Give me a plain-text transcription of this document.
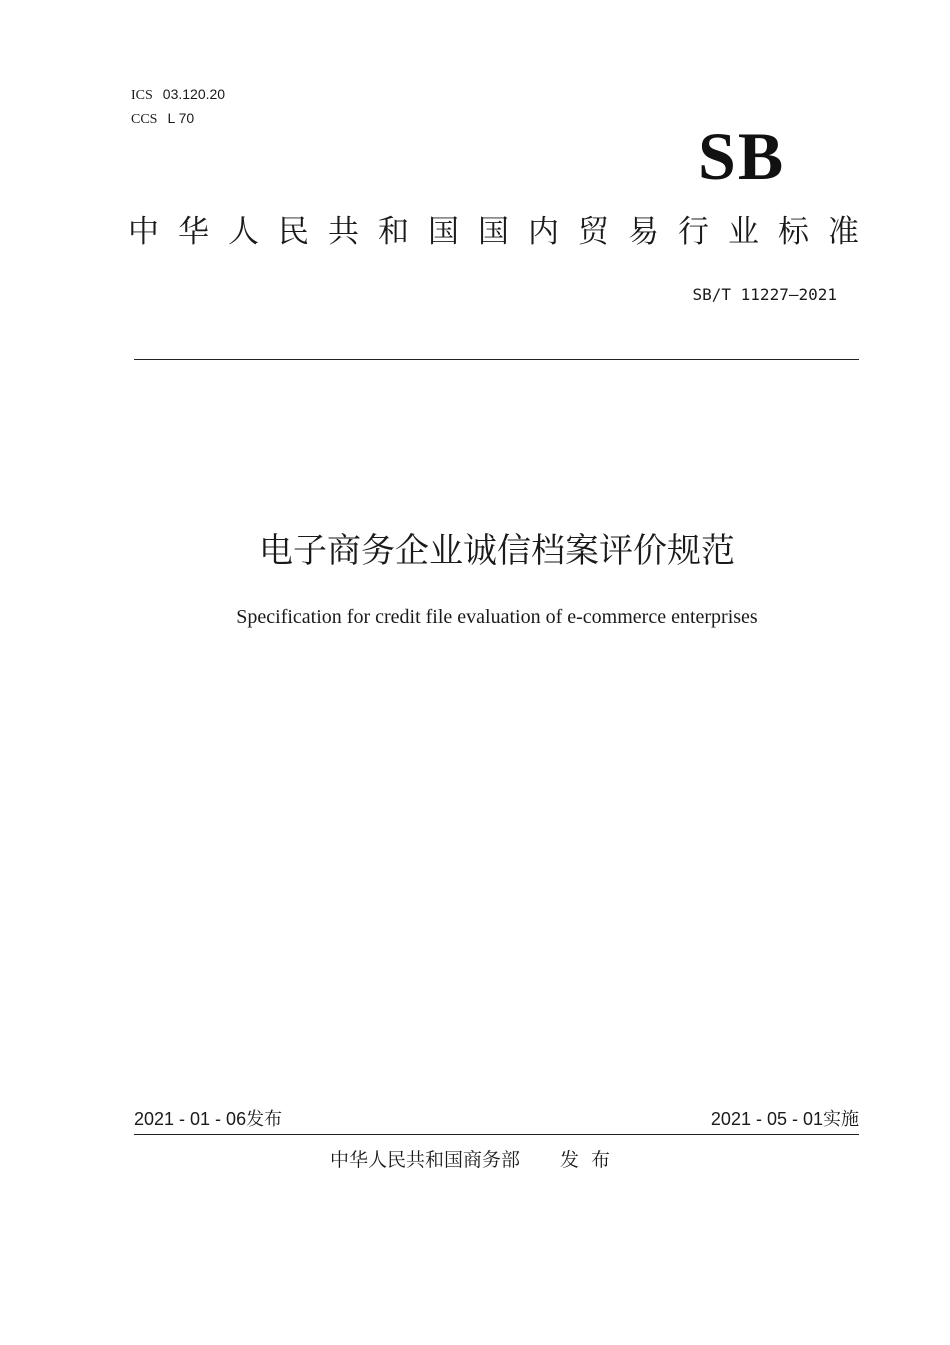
ICS 03.120.20
CCS L 70	SB
中 华 人 民 共 和 国 国 内 贸 易 行 业 标 准
SB/T 11227—2021
电子商务企业诚信档案评价规范
Specification for credit file evaluation of e-commerce enterprises
2021 - 01 - 06发布	2021 - 05 - 01实施
中华人民共和国商务部 发布
